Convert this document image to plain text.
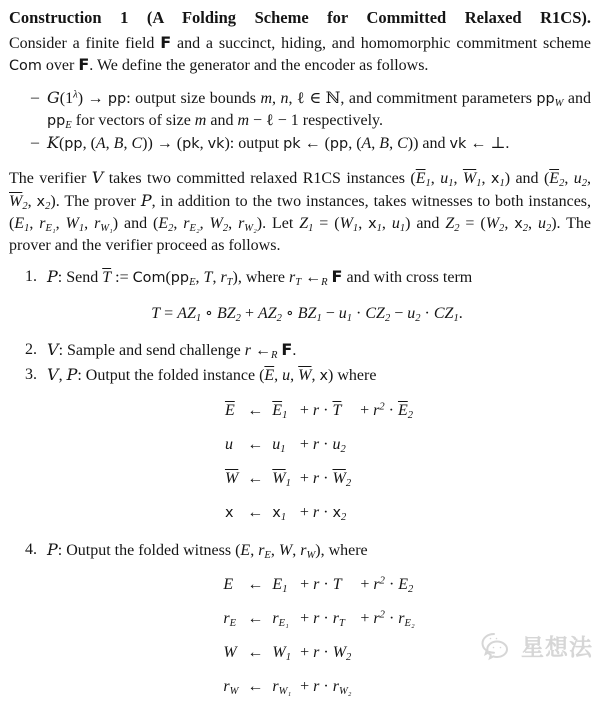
Construction 1 (A Folding Scheme for Committed Relaxed R1CS).

Consider a finite field F and a succinct, hiding, and homomorphic commitment scheme Com over F. We define the generator and the encoder as follows.

– $G(1^\lambda)$ → pp: output size bounds m, n, ℓ ∈ ℕ, and commitment parameters ppW and ppE for vectors of size m and m − ℓ − 1 respectively.
– K(pp, (A, B, C)) → (pk, vk): output pk ← (pp, (A, B, C)) and vk ← ⊥.

The verifier V takes two committed relaxed R1CS instances ($\overline{E}1$, u1, $\overline{W}1$, x1) and ($\overline{E}2$, u2, $\overline{W}2$, x2). The prover P, in addition to the two instances, takes witnesses to both instances, (E1, rE₁, W1, rW₁) and (E2, rE₂, W2, rW₂). Let Z1 = (W1, x1, u1) and Z2 = (W2, x2, u2). The prover and the verifier proceed as follows.

1. P: Send $\overline{T}$ := Com(ppE, T, rT), where rT ←R F and with cross term
T = AZ1 ∘ BZ2 + AZ2 ∘ BZ1 − u1 · CZ2 − u2 · CZ1.
2. V: Sample and send challenge r ←R F.
3. V, P: Output the folded instance ($\overline{E}$, u, $\overline{W}$, x) where
$\overline{E}$ ← $\overline{E}1 + r \cdot \overline{T}$	+ $r^2 \cdot \overline{E}2$
u ← u1 + r · u2
$\overline{W}$ ← $\overline{W}1 + r \cdot \overline{W}2$
x ← x1 + r · x2
4. P: Output the folded witness (E, rE, W, rW), where
E ← E1 + r · T	+ $r^2 \cdot E2$
rE ← rE₁ + r · rT + $r^2 \cdot rE_2$
W ← W1 + r · W2
rW ← rW₁ + r · rW₂
星想法
